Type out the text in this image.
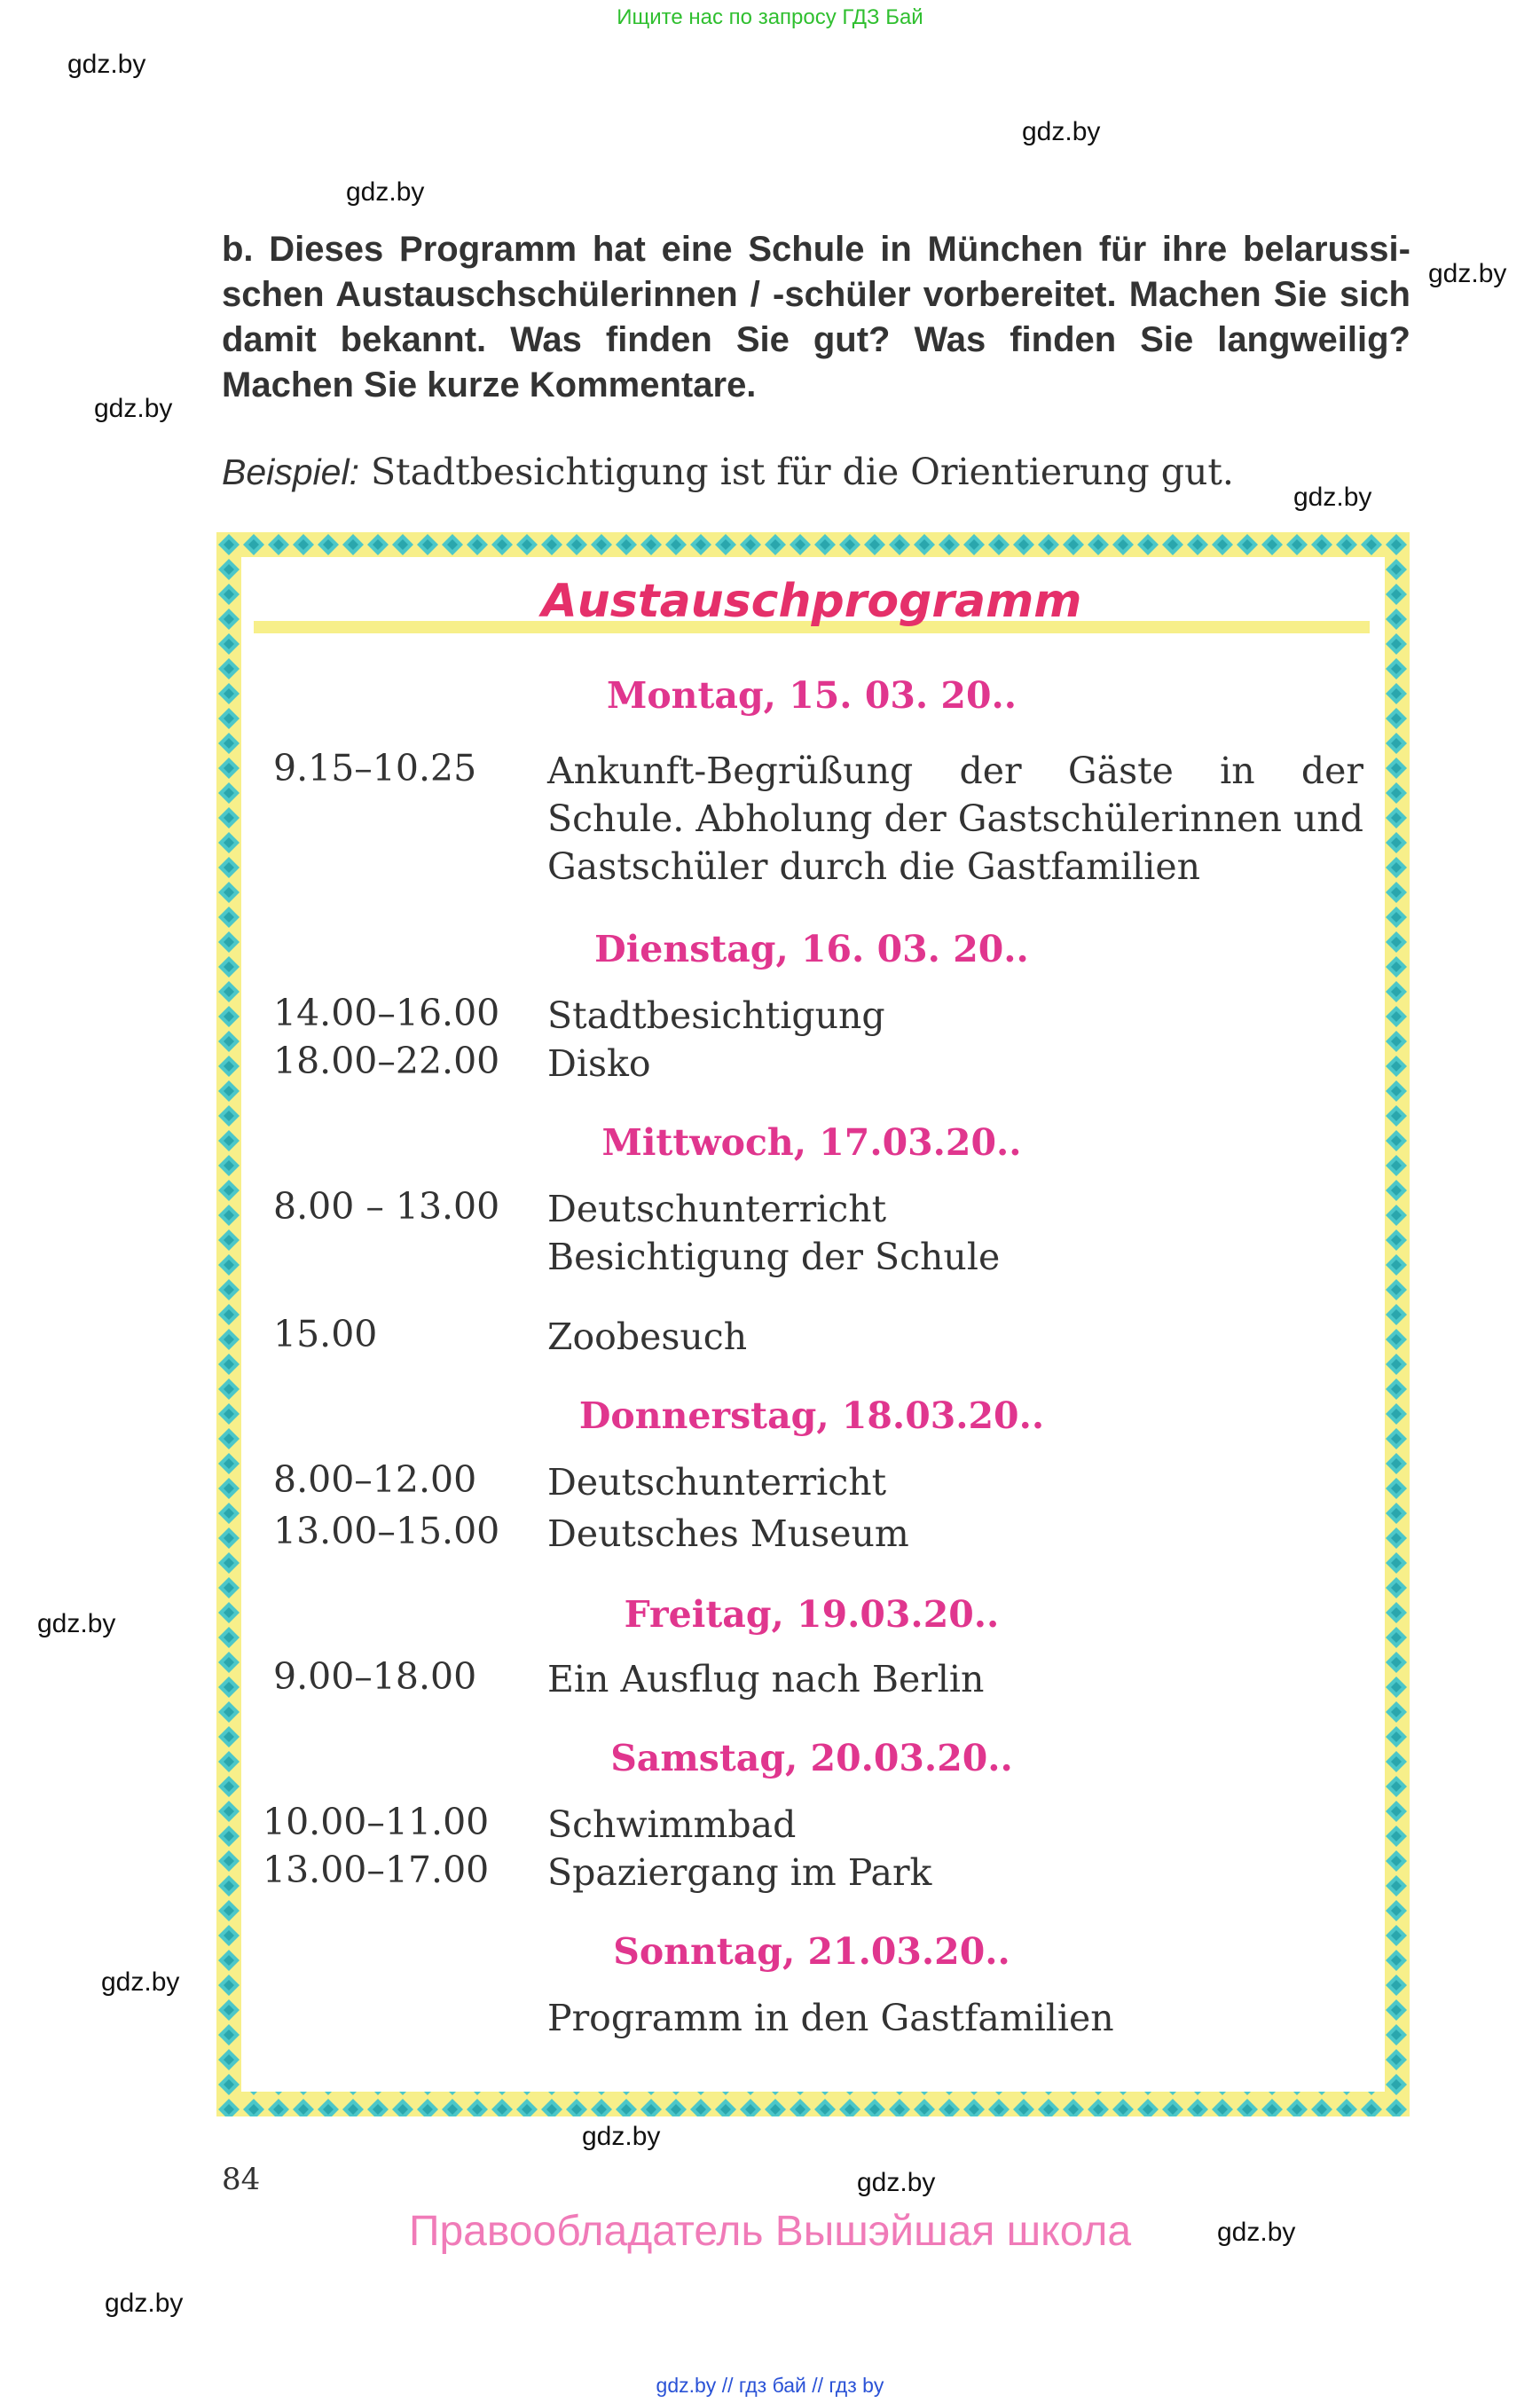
Ищите нас по запросу ГДЗ Бай
gdz.by
gdz.by
gdz.by
gdz.by
gdz.by
gdz.by
gdz.by
gdz.by
gdz.by
gdz.by
gdz.by
gdz.by
b. Dieses Programm hat eine Schule in München für ihre belarussischen Austauschschülerinnen / -schüler vorbereitet. Machen Sie sich damit bekannt. Was finden Sie gut? Was finden Sie langweilig? Machen Sie kurze Kommentare.
Beispiel: Stadtbesichtigung ist für die Orientierung gut.
Austauschprogramm
Montag, 15. 03. 20..
9.15–10.25 Ankunft-Begrüßung der Gäste in der Schule. Abholung der Gastschülerinnen und Gastschüler durch die Gastfamilien
Dienstag, 16. 03. 20..
14.00–16.00 Stadtbesichtigung
18.00–22.00 Disko
Mittwoch, 17.03.20..
8.00 – 13.00 Deutschunterricht Besichtigung der Schule
15.00	Zoobesuch
Donnerstag, 18.03.20..
8.00–12.00 Deutschunterricht
13.00–15.00 Deutsches Museum
Freitag, 19.03.20..
9.00–18.00 Ein Ausflug nach Berlin
Samstag, 20.03.20..
10.00–11.00 Schwimmbad
13.00–17.00 Spaziergang im Park
Sonntag, 21.03.20..
Programm in den Gastfamilien
84
Правообладатель Вышэйшая школа
gdz.by // гдз бай // гдз by
